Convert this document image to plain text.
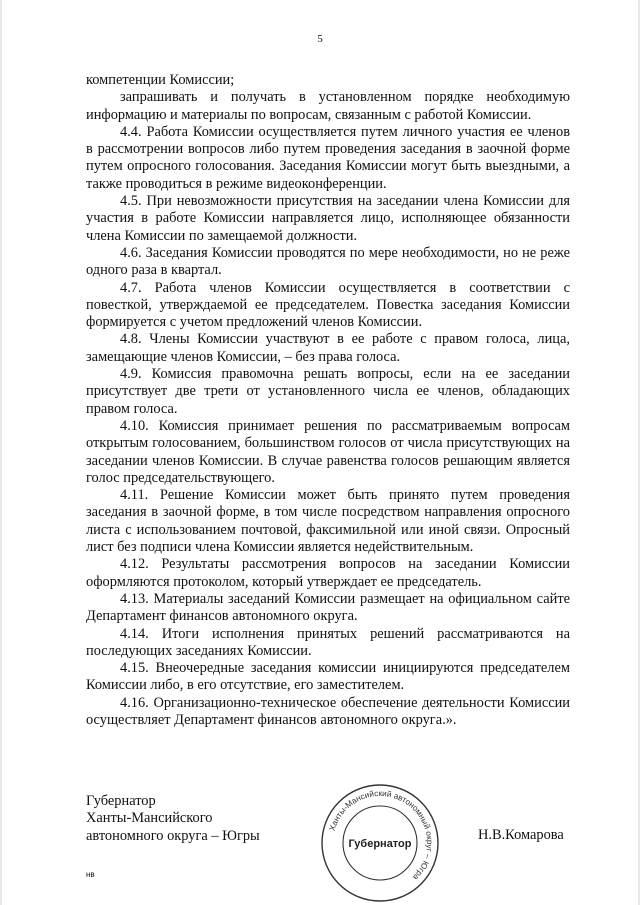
5

компетенции Комиссии;

запрашивать и получать в установленном порядке необходимую информацию и материалы по вопросам, связанным с работой Комиссии.

4.4. Работа Комиссии осуществляется путем личного участия ее членов в рассмотрении вопросов либо путем проведения заседания в заочной форме путем опросного голосования. Заседания Комиссии могут быть выездными, а также проводиться в режиме видеоконференции.

4.5. При невозможности присутствия на заседании члена Комиссии для участия в работе Комиссии направляется лицо, исполняющее обязанности члена Комиссии по замещаемой должности.

4.6. Заседания Комиссии проводятся по мере необходимости, но не реже одного раза в квартал.

4.7. Работа членов Комиссии осуществляется в соответствии с повесткой, утверждаемой ее председателем. Повестка заседания Комиссии формируется с учетом предложений членов Комиссии.

4.8. Члены Комиссии участвуют в ее работе с правом голоса, лица, замещающие членов Комиссии, – без права голоса.

4.9. Комиссия правомочна решать вопросы, если на ее заседании присутствует две трети от установленного числа ее членов, обладающих правом голоса.

4.10. Комиссия принимает решения по рассматриваемым вопросам открытым голосованием, большинством голосов от числа присутствующих на заседании членов Комиссии. В случае равенства голосов решающим является голос председательствующего.

4.11. Решение Комиссии может быть принято путем проведения заседания в заочной форме, в том числе посредством направления опросного листа с использованием почтовой, факсимильной или иной связи. Опросный лист без подписи члена Комиссии является недействительным.

4.12. Результаты рассмотрения вопросов на заседании Комиссии оформляются протоколом, который утверждает ее председатель.

4.13. Материалы заседаний Комиссии размещает на официальном сайте Департамент финансов автономного округа.

4.14. Итоги исполнения принятых решений рассматриваются на последующих заседаниях Комиссии.

4.15. Внеочередные заседания комиссии инициируются председателем Комиссии либо, в его отсутствие, его заместителем.

4.16. Организационно-техническое обеспечение деятельности Комиссии осуществляет Департамент финансов автономного округа.».

Губернатор
Ханты-Мансийского
автономного округа – Югры	Ханты-Мансийский автономный округ – Югра
Губернатор
Н.В.Комарова
нв
